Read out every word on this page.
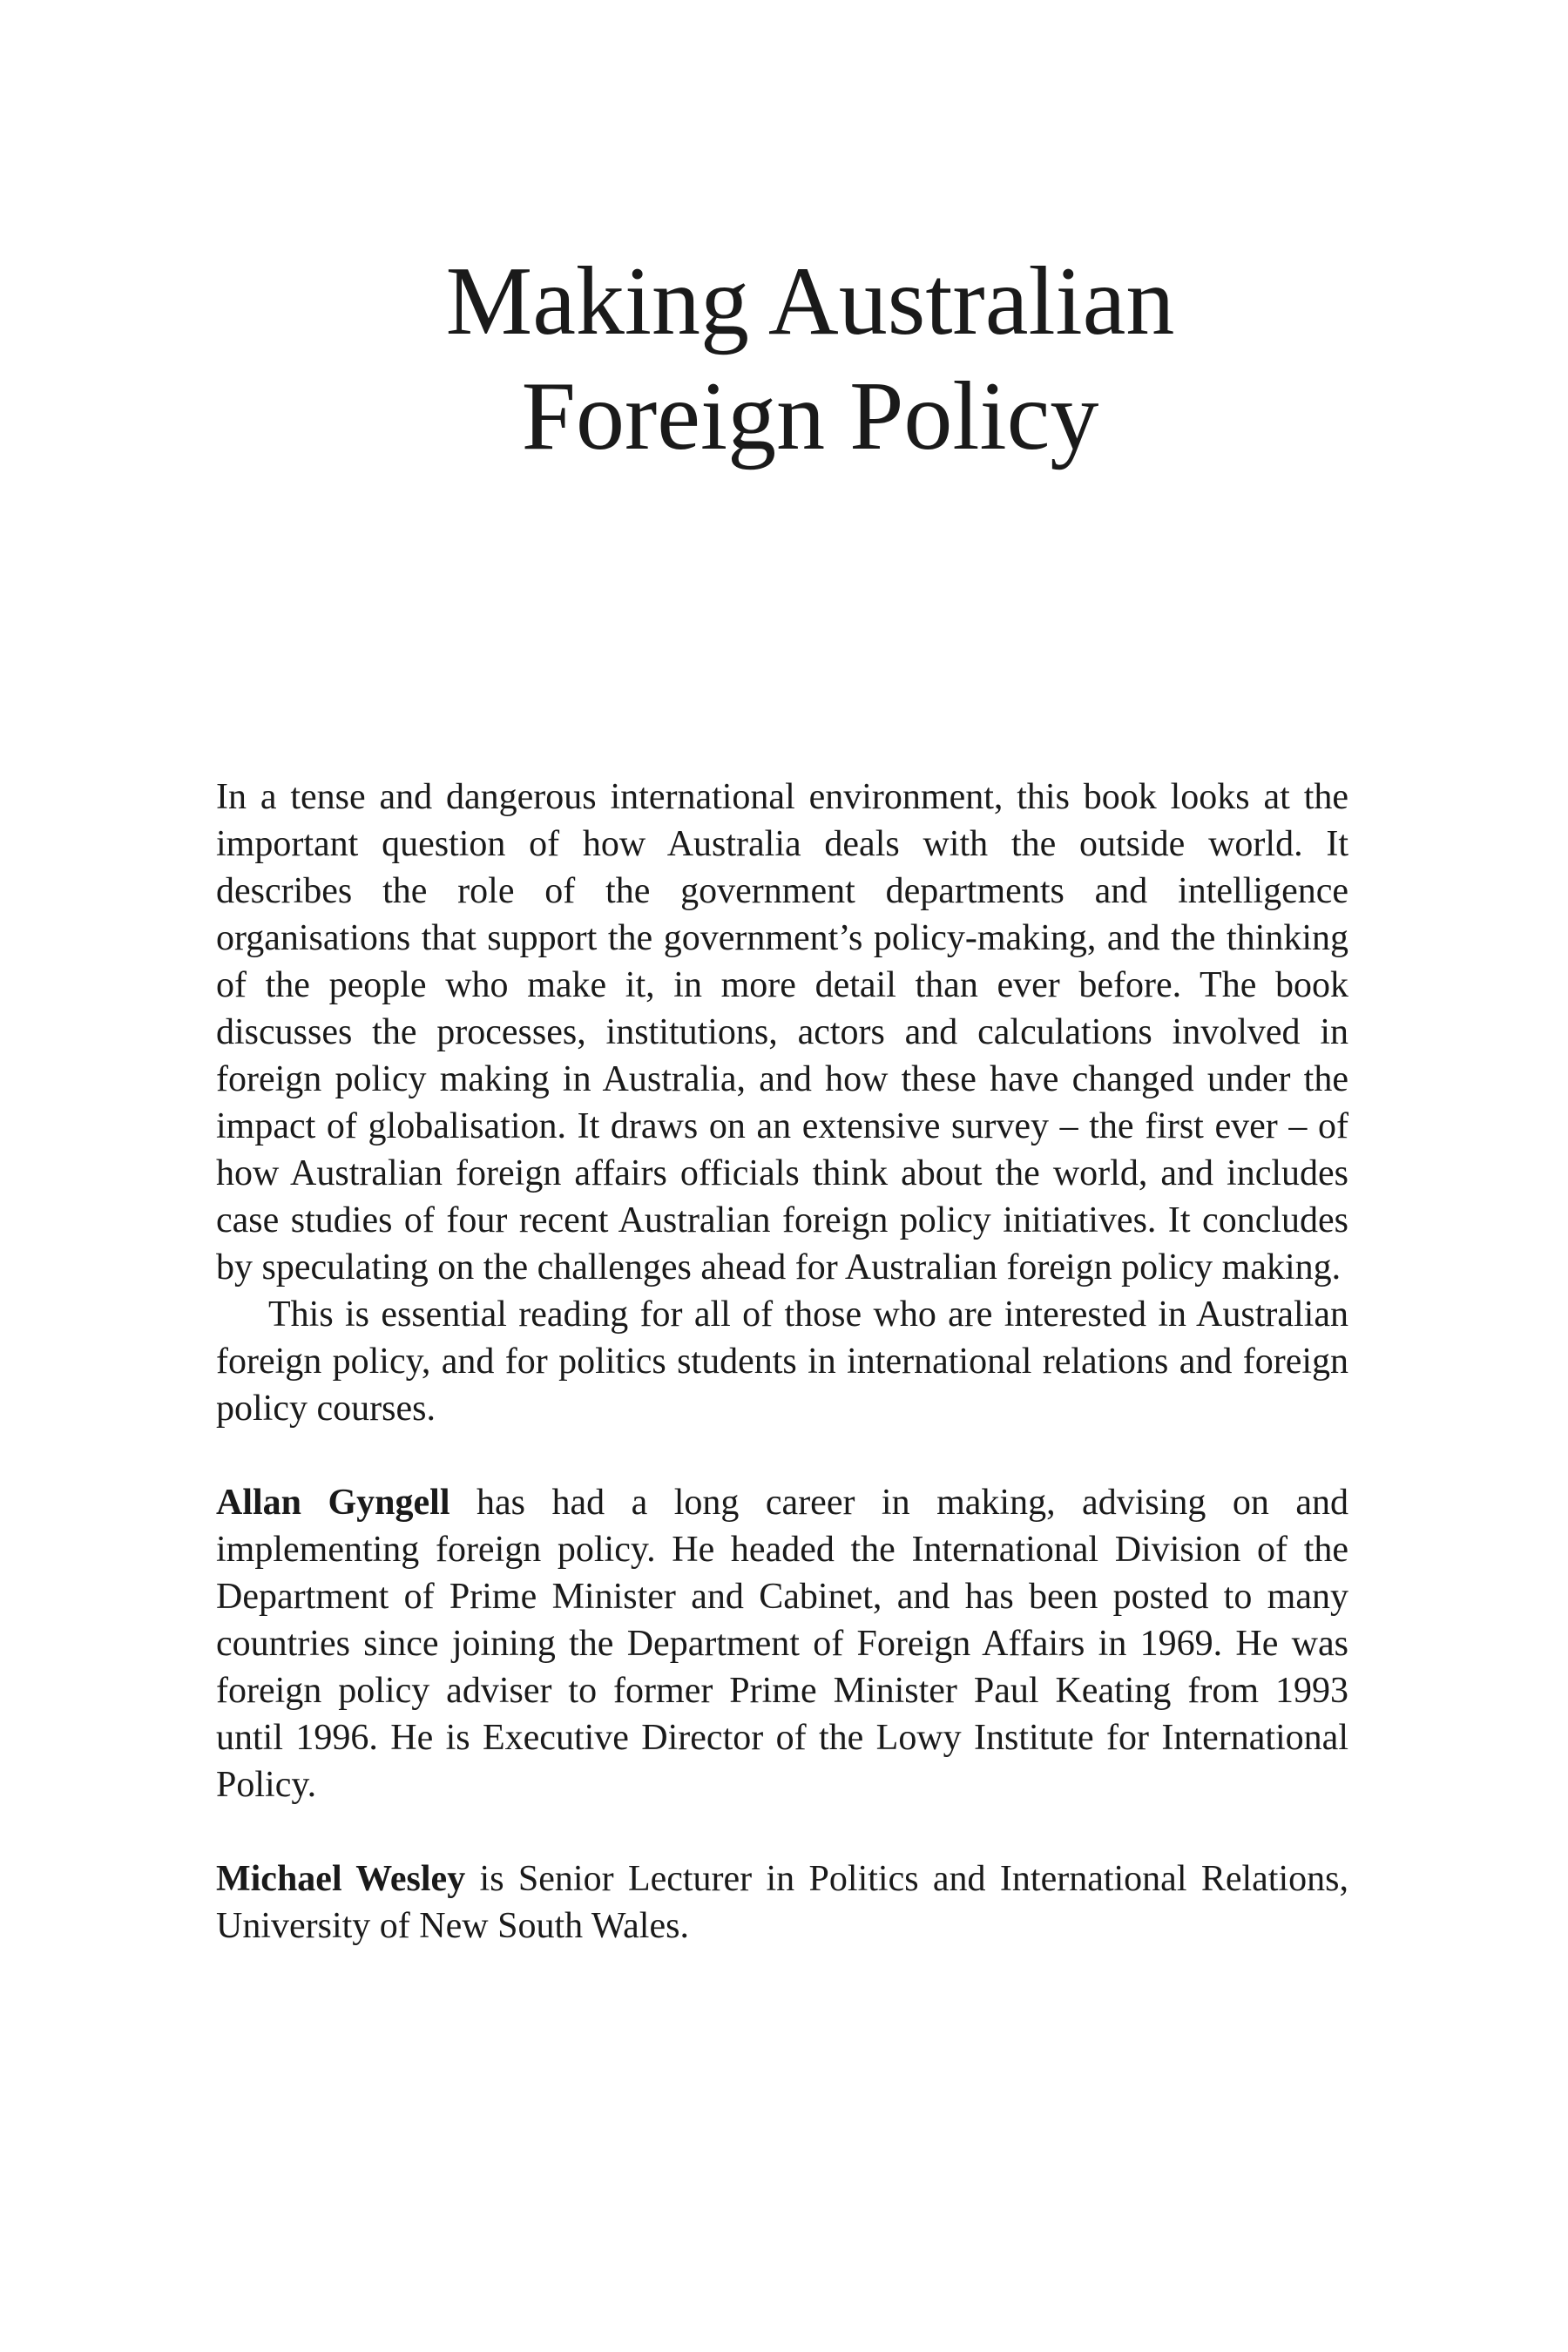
Making Australian
Foreign Policy

In a tense and dangerous international environment, this book looks at the important question of how Australia deals with the outside world. It describes the role of the government departments and intelligence organisations that support the government’s policy-making, and the thinking of the people who make it, in more detail than ever before. The book discusses the processes, institutions, actors and calculations involved in foreign policy making in Australia, and how these have changed under the impact of globalisation. It draws on an extensive survey – the first ever – of how Australian foreign affairs officials think about the world, and includes case studies of four recent Australian foreign policy initiatives. It concludes by speculating on the challenges ahead for Australian foreign policy making.

This is essential reading for all of those who are interested in Australian foreign policy, and for politics students in international relations and foreign policy courses.

Allan Gyngell has had a long career in making, advising on and implementing foreign policy. He headed the International Division of the Department of Prime Minister and Cabinet, and has been posted to many countries since joining the Department of Foreign Affairs in 1969. He was foreign policy adviser to former Prime Minister Paul Keating from 1993 until 1996. He is Executive Director of the Lowy Institute for International Policy.

Michael Wesley is Senior Lecturer in Politics and International Relations, University of New South Wales.
